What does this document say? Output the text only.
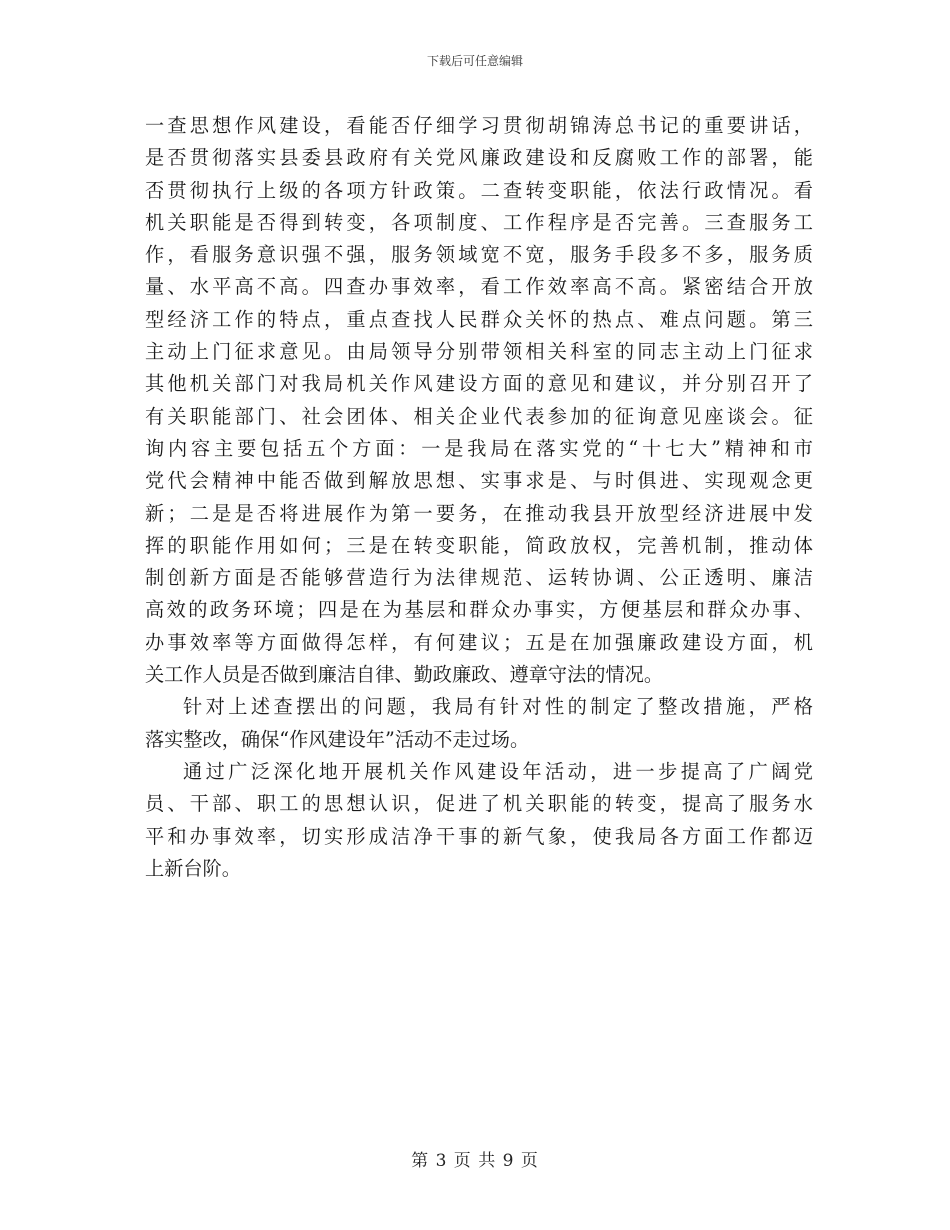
下载后可任意编辑
一查思想作风建设，看能否仔细学习贯彻胡锦涛总书记的重要讲话，
是否贯彻落实县委县政府有关党风廉政建设和反腐败工作的部署，能
否贯彻执行上级的各项方针政策。二查转变职能，依法行政情况。看
机关职能是否得到转变，各项制度、工作程序是否完善。三查服务工
作，看服务意识强不强，服务领域宽不宽，服务手段多不多，服务质
量、水平高不高。四查办事效率，看工作效率高不高。紧密结合开放
型经济工作的特点，重点查找人民群众关怀的热点、难点问题。第三
主动上门征求意见。由局领导分别带领相关科室的同志主动上门征求
其他机关部门对我局机关作风建设方面的意见和建议，并分别召开了
有关职能部门、社会团体、相关企业代表参加的征询意见座谈会。征
询内容主要包括五个方面：一是我局在落实党的“十七大”精神和市
党代会精神中能否做到解放思想、实事求是、与时俱进、实现观念更
新；二是是否将进展作为第一要务，在推动我县开放型经济进展中发
挥的职能作用如何；三是在转变职能，简政放权，完善机制，推动体
制创新方面是否能够营造行为法律规范、运转协调、公正透明、廉洁
高效的政务环境；四是在为基层和群众办事实，方便基层和群众办事、
办事效率等方面做得怎样，有何建议；五是在加强廉政建设方面，机
关工作人员是否做到廉洁自律、勤政廉政、遵章守法的情况。
针对上述查摆出的问题，我局有针对性的制定了整改措施，严格
落实整改，确保“作风建设年”活动不走过场。
通过广泛深化地开展机关作风建设年活动，进一步提高了广阔党
员、干部、职工的思想认识，促进了机关职能的转变，提高了服务水
平和办事效率，切实形成洁净干事的新气象，使我局各方面工作都迈
上新台阶。
第 3 页 共 9 页
